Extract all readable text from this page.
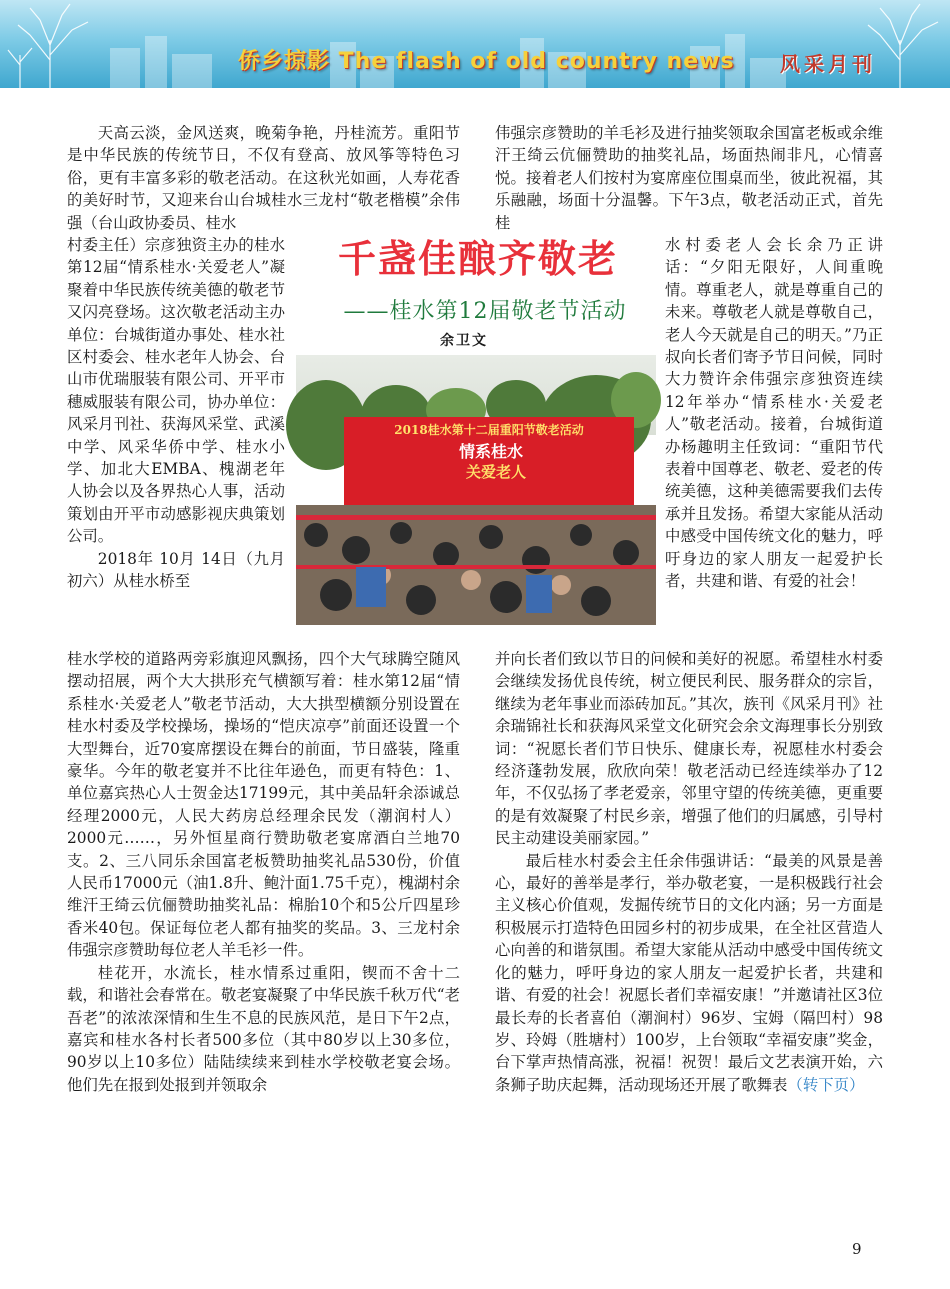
侨乡掠影 The flash of old country news 风采月刊

天高云淡，金风送爽，晚菊争艳，丹桂流芳。重阳节是中华民族的传统节日，不仅有登高、放风筝等特色习俗，更有丰富多彩的敬老活动。在这秋光如画，人寿花香的美好时节，又迎来台山台城桂水三龙村“敬老楷模”余伟强（台山政协委员、桂水

村委主任）宗彦独资主办的桂水第12届“情系桂水·关爱老人”凝聚着中华民族传统美德的敬老节又闪亮登场。这次敬老活动主办单位：台城街道办事处、桂水社区村委会、桂水老年人协会、台山市优瑞服装有限公司、开平市穗威服装有限公司，协办单位：风采月刊社、获海风采堂、武溪中学、风采华侨中学、桂水小学、加北大EMBA、槐湖老年人协会以及各界热心人事，活动策划由开平市动感影视庆典策划公司。

2018年 10月 14日（九月初六）从桂水桥至

桂水学校的道路两旁彩旗迎风飘扬，四个大气球腾空随风摆动招展，两个大大拱形充气横额写着：桂水第12届“情系桂水·关爱老人”敬老节活动，大大拱型横额分别设置在桂水村委及学校操场，操场的“恺庆凉亭”前面还设置一个大型舞台，近70宴席摆设在舞台的前面，节日盛装，隆重豪华。今年的敬老宴并不比往年逊色，而更有特色：1、单位嘉宾热心人士贺金达17199元，其中美品轩余添诚总经理2000元，人民大药房总经理余民发（潮润村人）2000元……，另外恒星商行赞助敬老宴席酒白兰地70支。2、三八同乐余国富老板赞助抽奖礼品530份，价值人民币17000元（油1.8升、鲍汁面1.75千克），槐湖村余维汗王绮云伉俪赞助抽奖礼品：棉胎10个和5公斤四星珍香米40包。保证每位老人都有抽奖的奖品。3、三龙村余伟强宗彦赞助每位老人羊毛衫一件。

桂花开，水流长，桂水情系过重阳，锲而不舍十二载，和谐社会春常在。敬老宴凝聚了中华民族千秋万代“老吾老”的浓浓深情和生生不息的民族风范，是日下午2点，嘉宾和桂水各村长者500多位（其中80岁以上30多位，90岁以上10多位）陆陆续续来到桂水学校敬老宴会场。他们先在报到处报到并领取余

伟强宗彦赞助的羊毛衫及进行抽奖领取余国富老板或余维汗王绮云伉俪赞助的抽奖礼品，场面热闹非凡，心情喜悦。接着老人们按村为宴席座位围桌而坐，彼此祝福，其乐融融，场面十分温馨。下午3点，敬老活动正式，首先桂

水村委老人会长余乃正讲话：“夕阳无限好，人间重晚情。尊重老人，就是尊重自己的未来。尊敬老人就是尊敬自己，老人今天就是自己的明天。”乃正叔向长者们寄予节日问候，同时大力赞许余伟强宗彦独资连续12年举办“情系桂水·关爱老人”敬老活动。接着，台城街道办杨趣明主任致词：“重阳节代表着中国尊老、敬老、爱老的传统美德，这种美德需要我们去传承并且发扬。希望大家能从活动中感受中国传统文化的魅力，呼吁身边的家人朋友一起爱护长者，共建和谐、有爱的社会！

并向长者们致以节日的问候和美好的祝愿。希望桂水村委会继续发扬优良传统，树立便民利民、服务群众的宗旨，继续为老年事业而添砖加瓦。”其次，族刊《风采月刊》社余瑞锦社长和获海风采堂文化研究会余文海理事长分别致词：“祝愿长者们节日快乐、健康长寿，祝愿桂水村委会经济蓬勃发展，欣欣向荣！敬老活动已经连续举办了12年，不仅弘扬了孝老爱亲，邻里守望的传统美德，更重要的是有效凝聚了村民乡亲，增强了他们的归属感，引导村民主动建设美丽家园。”

最后桂水村委会主任余伟强讲话：“最美的风景是善心，最好的善举是孝行，举办敬老宴，一是积极践行社会主义核心价值观，发掘传统节日的文化内涵；另一方面是积极展示打造特色田园乡村的初步成果，在全社区营造人心向善的和谐氛围。希望大家能从活动中感受中国传统文化的魅力，呼吁身边的家人朋友一起爱护长者，共建和谐、有爱的社会！祝愿长者们幸福安康！”并邀请社区3位最长寿的长者喜伯（潮涧村）96岁、宝姆（隔凹村）98岁、玲姆（胜塘村）100岁，上台领取“幸福安康”奖金，台下掌声热情高涨，祝福！祝贺！最后文艺表演开始，六条狮子助庆起舞，活动现场还开展了歌舞表（转下页）

千盏佳酿齐敬老
——桂水第12届敬老节活动
余卫文
2018桂水第十二届重阳节敬老活动
情系桂水
关爱老人
9
